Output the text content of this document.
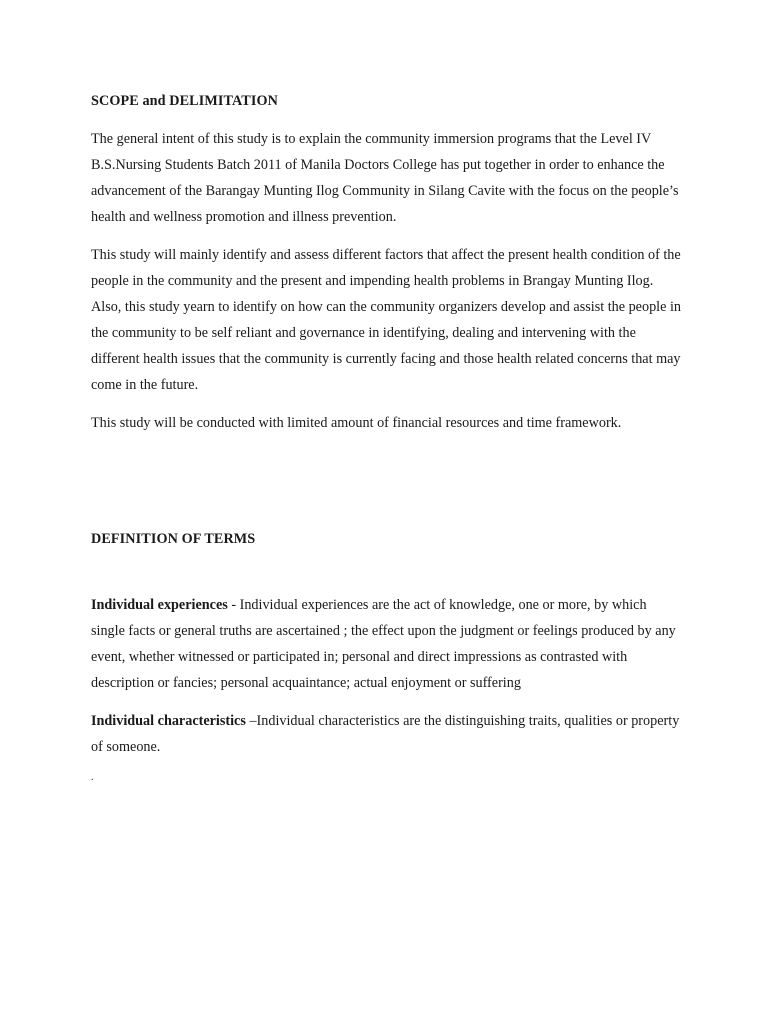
SCOPE and DELIMITATION

The general intent of this study is to explain the community immersion programs that the Level IV B.S.Nursing Students Batch 2011 of Manila Doctors College has put together in order to enhance the advancement of the Barangay Munting Ilog Community in Silang Cavite with the focus on the people’s health and wellness promotion and illness prevention.

This study will mainly identify and assess different factors that affect the present health condition of the people in the community and the present and impending health problems in Brangay Munting Ilog. Also, this study yearn to identify on how can the community organizers develop and assist the people in the community to be self reliant and governance in identifying, dealing and intervening with the different health issues that the community is currently facing and those health related concerns that may come in the future.

This study will be conducted with limited amount of financial resources and time framework.

DEFINITION OF TERMS

Individual experiences - Individual experiences are the act of knowledge, one or more, by which single facts or general truths are ascertained ; the effect upon the judgment or feelings produced by any event, whether witnessed or participated in; personal and direct impressions as contrasted with description or fancies; personal acquaintance; actual enjoyment or suffering

Individual characteristics –Individual characteristics are the distinguishing traits, qualities or property of someone.

.
